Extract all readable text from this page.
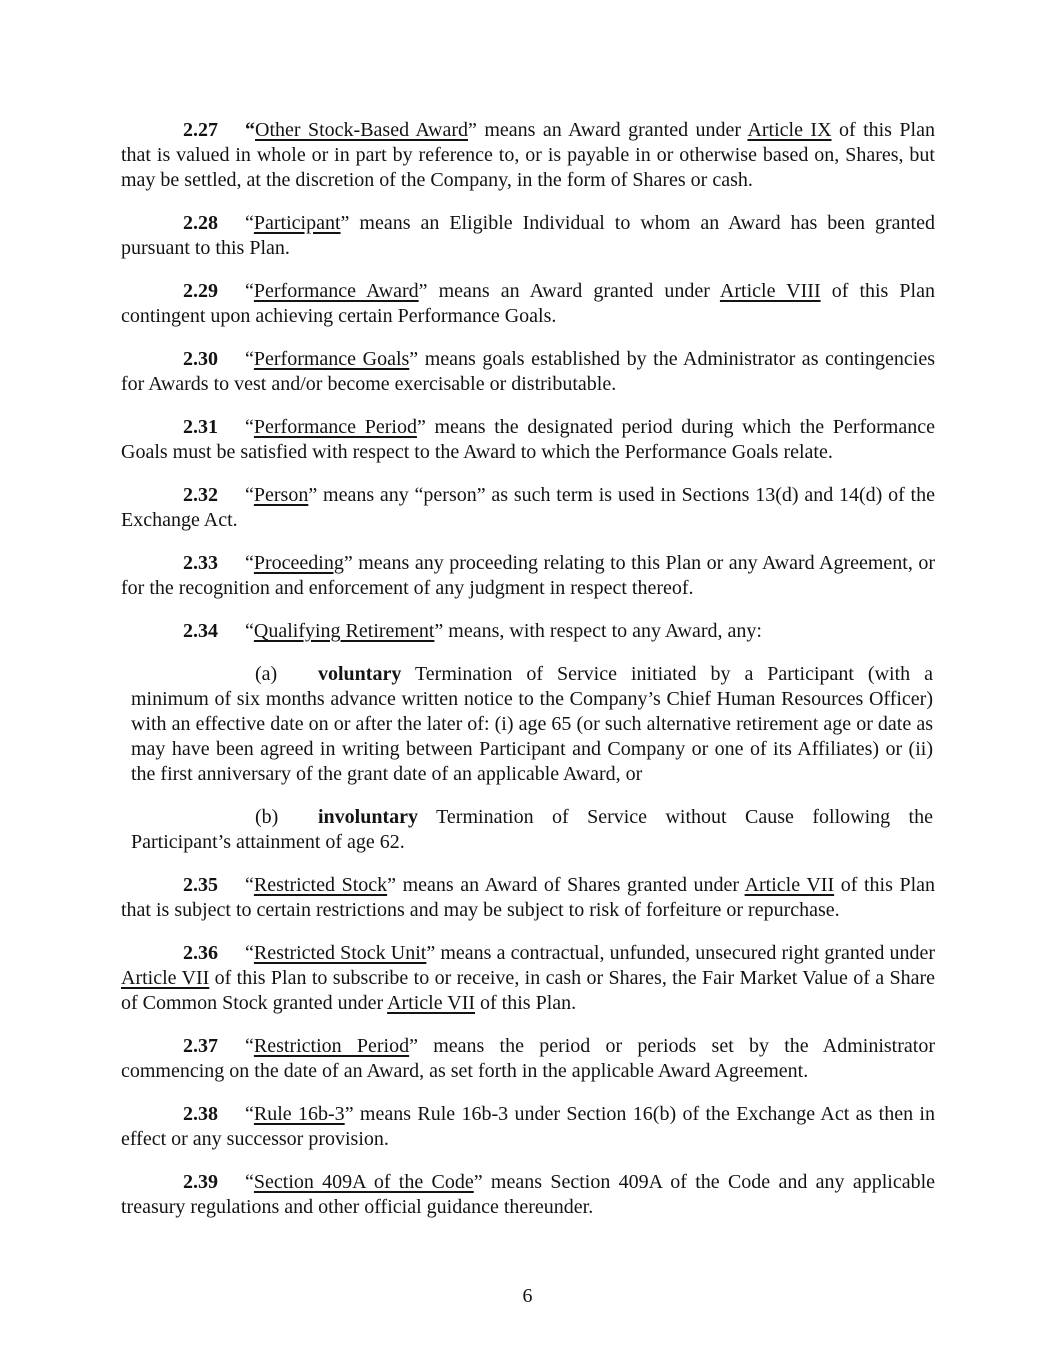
2.27 “Other Stock-Based Award” means an Award granted under Article IX of this Plan that is valued in whole or in part by reference to, or is payable in or otherwise based on, Shares, but may be settled, at the discretion of the Company, in the form of Shares or cash.

2.28 “Participant” means an Eligible Individual to whom an Award has been granted pursuant to this Plan.

2.29 “Performance Award” means an Award granted under Article VIII of this Plan contingent upon achieving certain Performance Goals.

2.30 “Performance Goals” means goals established by the Administrator as contingencies for Awards to vest and/or become exercisable or distributable.

2.31 “Performance Period” means the designated period during which the Performance Goals must be satisfied with respect to the Award to which the Performance Goals relate.

2.32 “Person” means any “person” as such term is used in Sections 13(d) and 14(d) of the Exchange Act.

2.33 “Proceeding” means any proceeding relating to this Plan or any Award Agreement, or for the recognition and enforcement of any judgment in respect thereof.

2.34 “Qualifying Retirement” means, with respect to any Award, any:

(a) voluntary Termination of Service initiated by a Participant (with a minimum of six months advance written notice to the Company’s Chief Human Resources Officer) with an effective date on or after the later of: (i) age 65 (or such alternative retirement age or date as may have been agreed in writing between Participant and Company or one of its Affiliates) or (ii) the first anniversary of the grant date of an applicable Award, or

(b) involuntary Termination of Service without Cause following the Participant’s attainment of age 62.

2.35 “Restricted Stock” means an Award of Shares granted under Article VII of this Plan that is subject to certain restrictions and may be subject to risk of forfeiture or repurchase.

2.36 “Restricted Stock Unit” means a contractual, unfunded, unsecured right granted under Article VII of this Plan to subscribe to or receive, in cash or Shares, the Fair Market Value of a Share of Common Stock granted under Article VII of this Plan.

2.37 “Restriction Period” means the period or periods set by the Administrator commencing on the date of an Award, as set forth in the applicable Award Agreement.

2.38 “Rule 16b-3” means Rule 16b-3 under Section 16(b) of the Exchange Act as then in effect or any successor provision.

2.39 “Section 409A of the Code” means Section 409A of the Code and any applicable treasury regulations and other official guidance thereunder.

6
